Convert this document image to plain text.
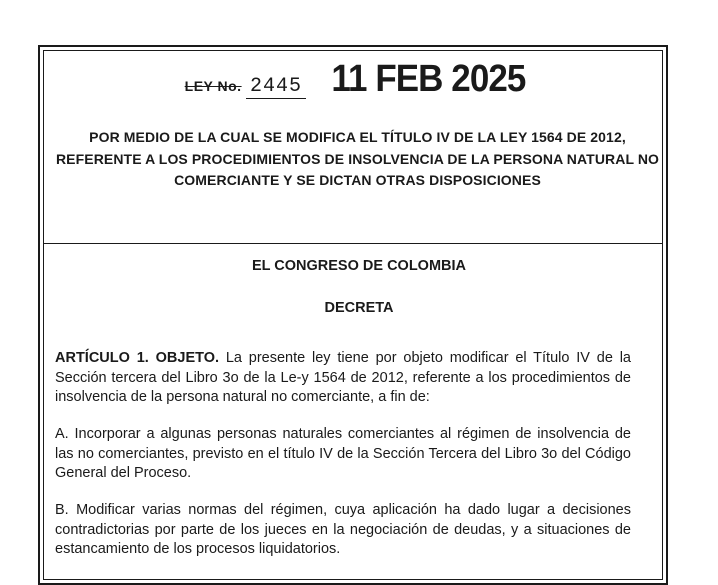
LEY No. 2445 11 FEB 2025
POR MEDIO DE LA CUAL SE MODIFICA EL TÍTULO IV DE LA LEY 1564 DE 2012, REFERENTE A LOS PROCEDIMIENTOS DE INSOLVENCIA DE LA PERSONA NATURAL NO COMERCIANTE Y SE DICTAN OTRAS DISPOSICIONES
EL CONGRESO DE COLOMBIA
DECRETA
ARTÍCULO 1. OBJETO. La presente ley tiene por objeto modificar el Título IV de la Sección tercera del Libro 3o de la Le-y 1564 de 2012, referente a los procedimientos de insolvencia de la persona natural no comerciante, a fin de:
A. Incorporar a algunas personas naturales comerciantes al régimen de insolvencia de las no comerciantes, previsto en el título IV de la Sección Tercera del Libro 3o del Código General del Proceso.
B. Modificar varias normas del régimen, cuya aplicación ha dado lugar a decisiones contradictorias por parte de los jueces en la negociación de deudas, y a situaciones de estancamiento de los procesos liquidatorios.
